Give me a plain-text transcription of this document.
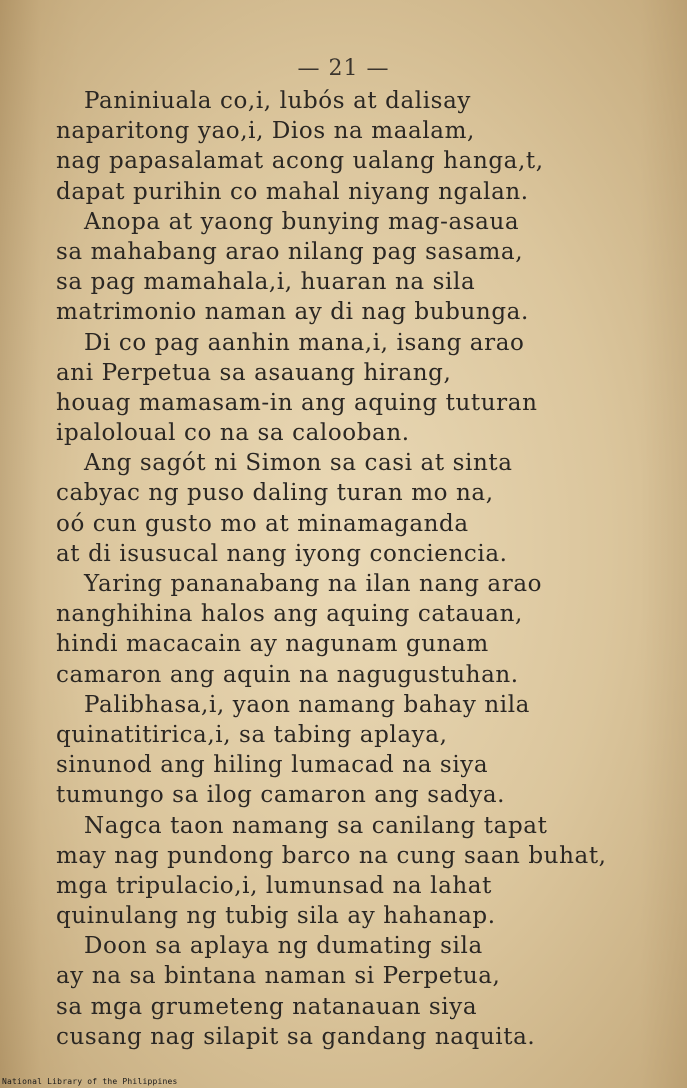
— 21 —
Paniniuala co,i, lubós at dalisay
naparitong yao,i, Dios na maalam,
nag papasalamat acong ualang hanga,t,
dapat purihin co mahal niyang ngalan.
Anopa at yaong bunying mag-asaua
sa mahabang arao nilang pag sasama,
sa pag mamahala,i, huaran na sila
matrimonio naman ay di nag bubunga.
Di co pag aanhin mana,i, isang arao
ani Perpetua sa asauang hirang,
houag mamasam-in ang aquing tuturan
ipaloloual co na sa calooban.
Ang sagót ni Simon sa casi at sinta
cabyac ng puso daling turan mo na,
oó cun gusto mo at minamaganda
at di isusucal nang iyong conciencia.
Yaring pananabang na ilan nang arao
nanghihina halos ang aquing catauan,
hindi macacain ay nagunam gunam
camaron ang aquin na nagugustuhan.
Palibhasa,i, yaon namang bahay nila
quinatitirica,i, sa tabing aplaya,
sinunod ang hiling lumacad na siya
tumungo sa ilog camaron ang sadya.
Nagca taon namang sa canilang tapat
may nag pundong barco na cung saan buhat,
mga tripulacio,i, lumunsad na lahat
quinulang ng tubig sila ay hahanap.
Doon sa aplaya ng dumating sila
ay na sa bintana naman si Perpetua,
sa mga grumeteng natanauan siya
cusang nag silapit sa gandang naquita.
National Library of the Philippines
